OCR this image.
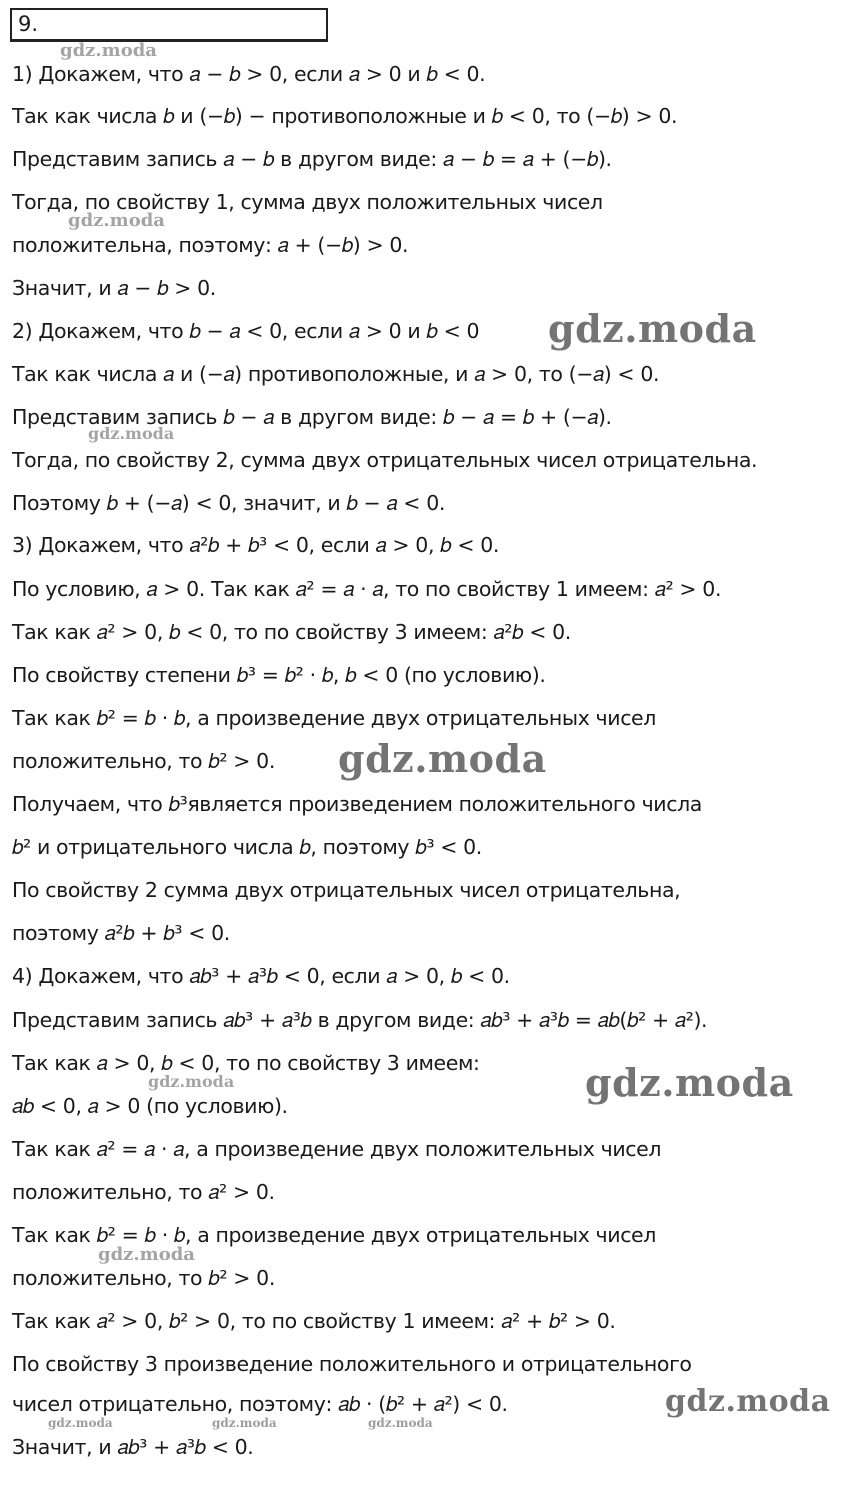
9.
1) Докажем, что 𝑎 − 𝑏 > 0, если 𝑎 > 0 и 𝑏 < 0.
Так как числа 𝑏 и (−𝑏) − противоположные и 𝑏 < 0, то (−𝑏) > 0.
Представим запись 𝑎 − 𝑏 в другом виде: 𝑎 − 𝑏 = 𝑎 + (−𝑏).
Тогда, по свойству 1, сумма двух положительных чисел
положительна, поэтому: 𝑎 + (−𝑏) > 0.
Значит, и 𝑎 − 𝑏 > 0.
2) Докажем, что 𝑏 − 𝑎 < 0, если 𝑎 > 0 и 𝑏 < 0
Так как числа 𝑎 и (−𝑎) противоположные, и 𝑎 > 0, то (−𝑎) < 0.
Представим запись 𝑏 − 𝑎 в другом виде: 𝑏 − 𝑎 = 𝑏 + (−𝑎).
Тогда, по свойству 2, сумма двух отрицательных чисел отрицательна.
Поэтому 𝑏 + (−𝑎) < 0, значит, и 𝑏 − 𝑎 < 0.
3) Докажем, что 𝑎²𝑏 + 𝑏³ < 0, если 𝑎 > 0, 𝑏 < 0.
По условию, 𝑎 > 0. Так как 𝑎² = 𝑎 · 𝑎, то по свойству 1 имеем: 𝑎² > 0.
Так как 𝑎² > 0, 𝑏 < 0, то по свойству 3 имеем: 𝑎²𝑏 < 0.
По свойству степени 𝑏³ = 𝑏² · 𝑏, 𝑏 < 0 (по условию).
Так как 𝑏² = 𝑏 · 𝑏, а произведение двух отрицательных чисел
положительно, то 𝑏² > 0.
Получаем, что 𝑏³является произведением положительного числа
𝑏² и отрицательного числа 𝑏, поэтому 𝑏³ < 0.
По свойству 2 сумма двух отрицательных чисел отрицательна,
поэтому 𝑎²𝑏 + 𝑏³ < 0.
4) Докажем, что 𝑎𝑏³ + 𝑎³𝑏 < 0, если 𝑎 > 0, 𝑏 < 0.
Представим запись 𝑎𝑏³ + 𝑎³𝑏 в другом виде: 𝑎𝑏³ + 𝑎³𝑏 = 𝑎𝑏(𝑏² + 𝑎²).
Так как 𝑎 > 0, 𝑏 < 0, то по свойству 3 имеем:
𝑎𝑏 < 0, 𝑎 > 0 (по условию).
Так как 𝑎² = 𝑎 · 𝑎, а произведение двух положительных чисел
положительно, то 𝑎² > 0.
Так как 𝑏² = 𝑏 · 𝑏, а произведение двух отрицательных чисел
положительно, то 𝑏² > 0.
Так как 𝑎² > 0, 𝑏² > 0, то по свойству 1 имеем: 𝑎² + 𝑏² > 0.
По свойству 3 произведение положительного и отрицательного
чисел отрицательно, поэтому: 𝑎𝑏 · (𝑏² + 𝑎²) < 0.
Значит, и 𝑎𝑏³ + 𝑎³𝑏 < 0.
gdz.moda
gdz.moda
gdz.moda
gdz.moda
gdz.moda
gdz.moda	gdz.moda
gdz.moda
gdz.moda
gdz.moda	gdz.moda	gdz.moda
